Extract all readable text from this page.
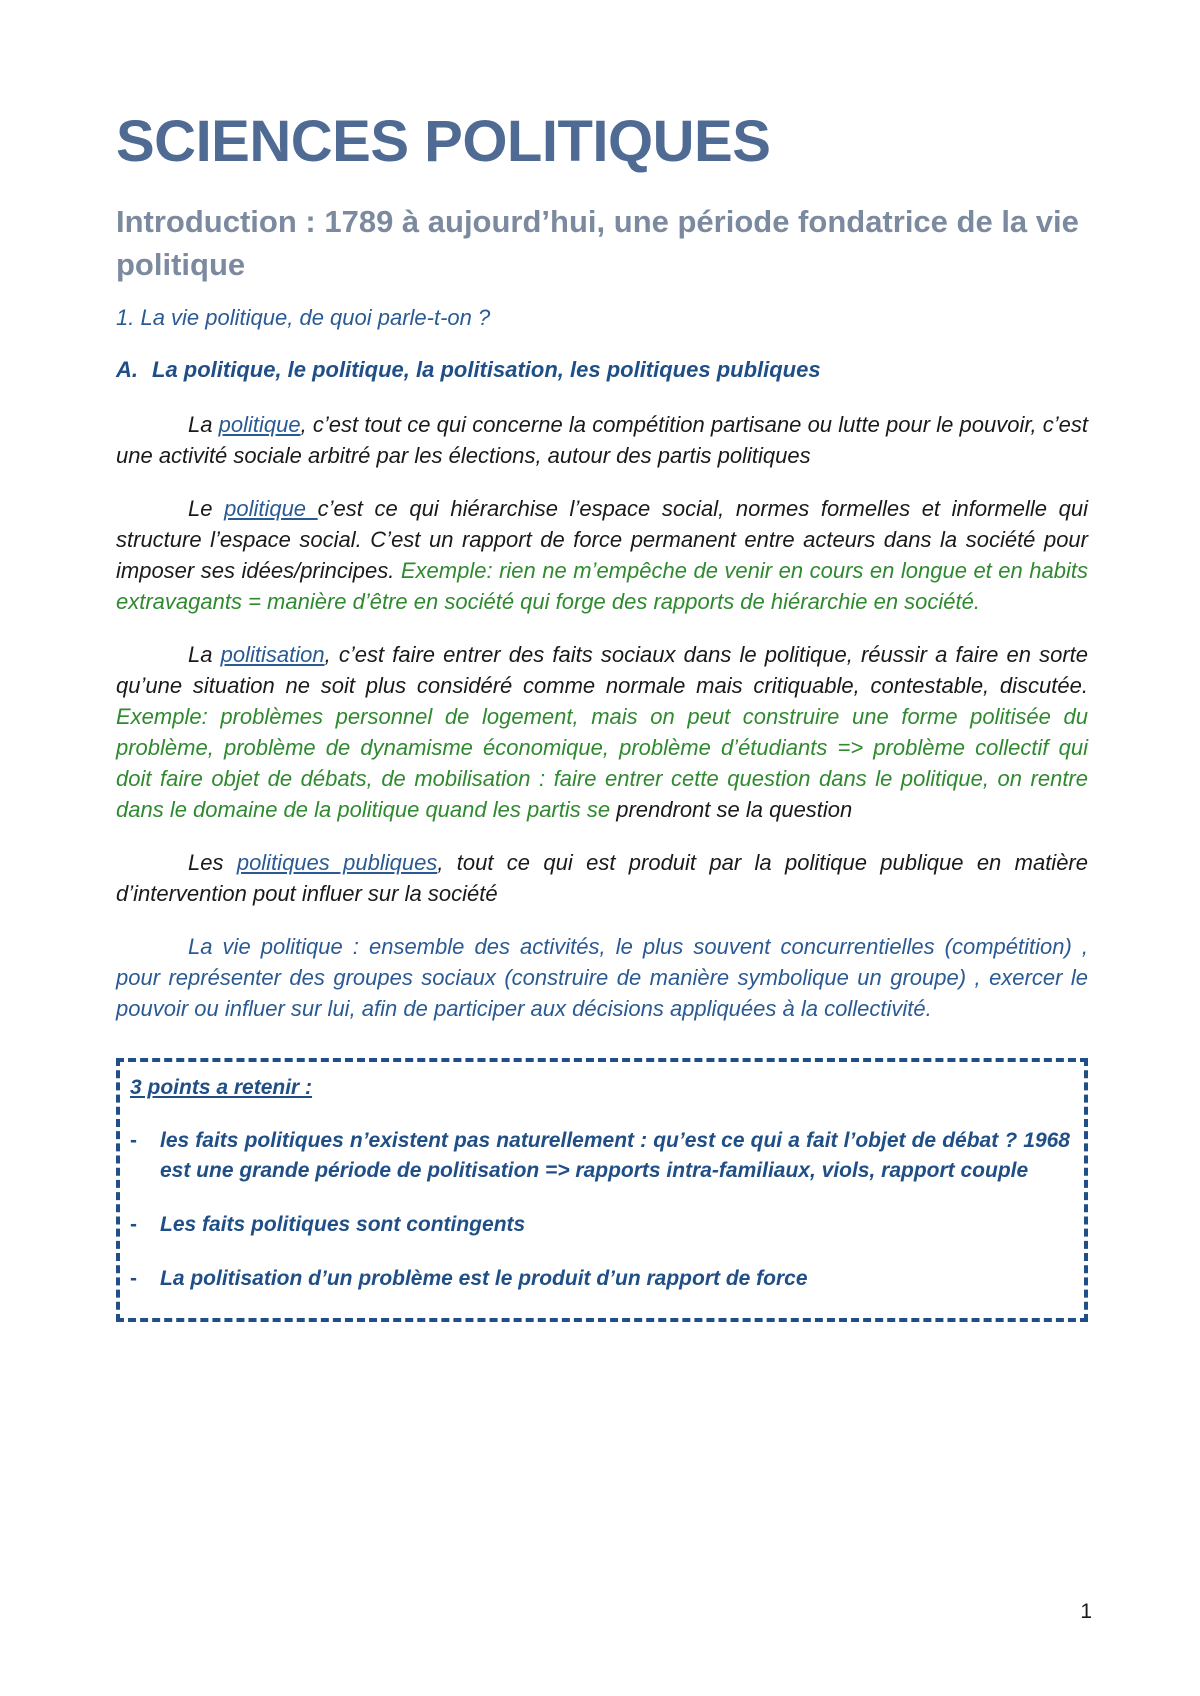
SCIENCES POLITIQUES
Introduction : 1789 à aujourd’hui, une période fondatrice de la vie politique
1. La vie politique, de quoi parle-t-on ?
A. La politique, le politique, la politisation, les politiques publiques

La politique, c’est tout ce qui concerne la compétition partisane ou lutte pour le pouvoir, c’est une activité sociale arbitré par les élections, autour des partis politiques

Le politique c’est ce qui hiérarchise l’espace social, normes formelles et informelle qui structure l’espace social. C’est un rapport de force permanent entre acteurs dans la société pour imposer ses idées/principes. Exemple: rien ne m’empêche de venir en cours en longue et en habits extravagants = manière d’être en société qui forge des rapports de hiérarchie en société.

La politisation, c’est faire entrer des faits sociaux dans le politique, réussir a faire en sorte qu’une situation ne soit plus considéré comme normale mais critiquable, contestable, discutée. Exemple: problèmes personnel de logement, mais on peut construire une forme politisée du problème, problème de dynamisme économique, problème d’étudiants => problème collectif qui doit faire objet de débats, de mobilisation : faire entrer cette question dans le politique, on rentre dans le domaine de la politique quand les partis se prendront se la question

Les politiques publiques, tout ce qui est produit par la politique publique en matière d’intervention pout influer sur la société

La vie politique : ensemble des activités, le plus souvent concurrentielles (compétition) , pour représenter des groupes sociaux (construire de manière symbolique un groupe) , exercer le pouvoir ou influer sur lui, afin de participer aux décisions appliquées à la collectivité.

3 points a retenir :
-	les faits politiques n’existent pas naturellement : qu’est ce qui a fait l’objet de débat ? 1968 est une grande période de politisation => rapports intra-familiaux, viols, rapport couple
-	Les faits politiques sont contingents
-	La politisation d’un problème est le produit d’un rapport de force
1
